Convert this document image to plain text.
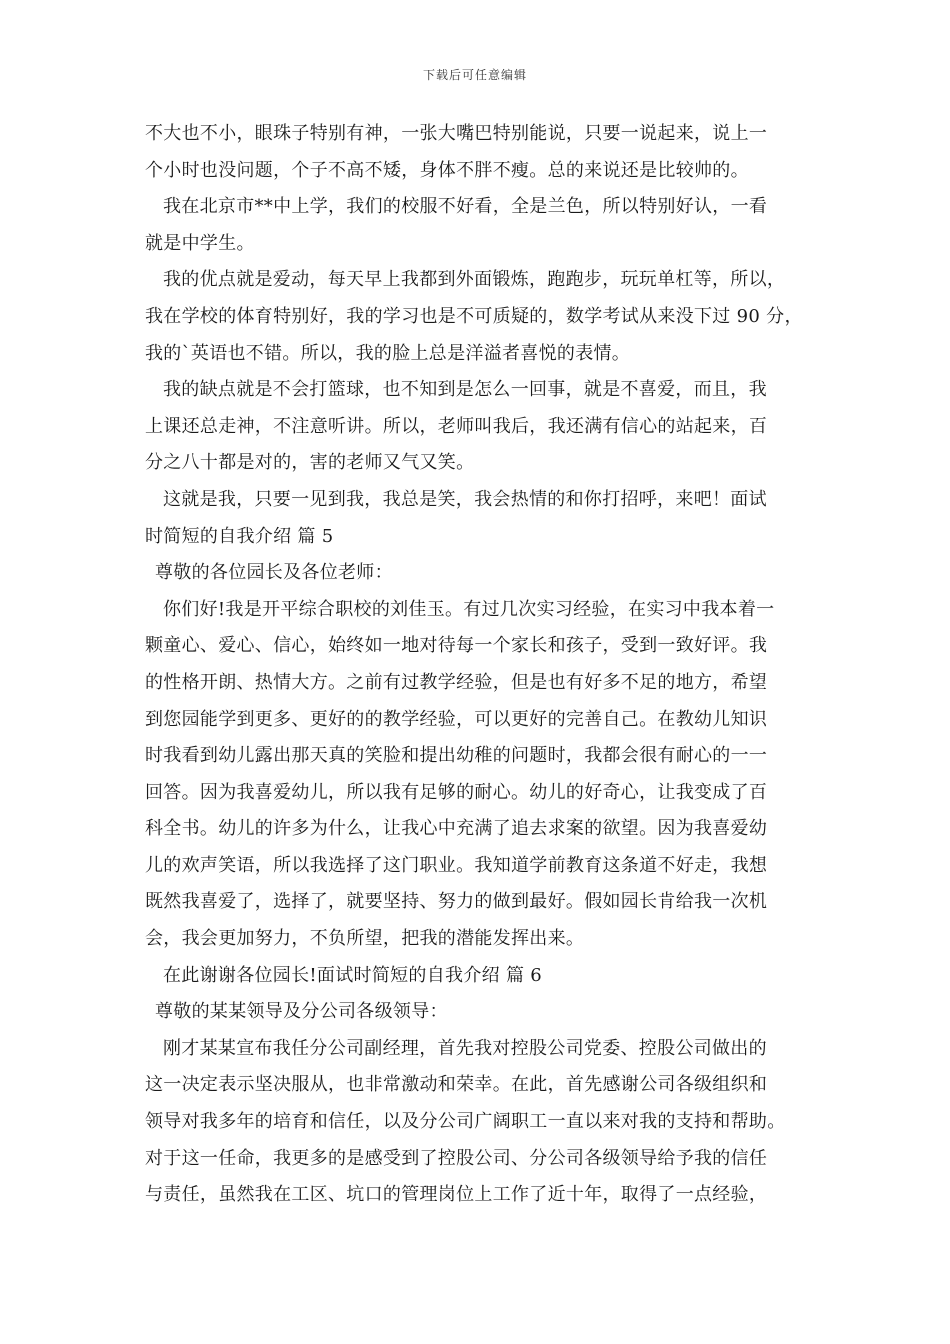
下载后可任意编辑
不大也不小，眼珠子特别有神，一张大嘴巴特别能说，只要一说起来，说上一
个小时也没问题，个子不高不矮，身体不胖不瘦。总的来说还是比较帅的。
我在北京市**中上学，我们的校服不好看，全是兰色，所以特别好认，一看
就是中学生。
我的优点就是爱动，每天早上我都到外面锻炼，跑跑步，玩玩单杠等，所以，
我在学校的体育特别好，我的学习也是不可质疑的，数学考试从来没下过 90 分，
我的`英语也不错。所以，我的脸上总是洋溢者喜悦的表情。
我的缺点就是不会打篮球，也不知到是怎么一回事，就是不喜爱，而且，我
上课还总走神，不注意听讲。所以，老师叫我后，我还满有信心的站起来，百
分之八十都是对的，害的老师又气又笑。
这就是我，只要一见到我，我总是笑，我会热情的和你打招呼，来吧！面试
时简短的自我介绍 篇 5
尊敬的各位园长及各位老师：
你们好!我是开平综合职校的刘佳玉。有过几次实习经验，在实习中我本着一
颗童心、爱心、信心，始终如一地对待每一个家长和孩子，受到一致好评。我
的性格开朗、热情大方。之前有过教学经验，但是也有好多不足的地方，希望
到您园能学到更多、更好的的教学经验，可以更好的完善自己。在教幼儿知识
时我看到幼儿露出那天真的笑脸和提出幼稚的问题时，我都会很有耐心的一一
回答。因为我喜爱幼儿，所以我有足够的耐心。幼儿的好奇心，让我变成了百
科全书。幼儿的许多为什么，让我心中充满了追去求案的欲望。因为我喜爱幼
儿的欢声笑语，所以我选择了这门职业。我知道学前教育这条道不好走，我想
既然我喜爱了，选择了，就要坚持、努力的做到最好。假如园长肯给我一次机
会，我会更加努力，不负所望，把我的潜能发挥出来。
在此谢谢各位园长!面试时简短的自我介绍 篇 6
尊敬的某某领导及分公司各级领导：
刚才某某宣布我任分公司副经理，首先我对控股公司党委、控股公司做出的
这一决定表示坚决服从，也非常激动和荣幸。在此，首先感谢公司各级组织和
领导对我多年的培育和信任，以及分公司广阔职工一直以来对我的支持和帮助。
对于这一任命，我更多的是感受到了控股公司、分公司各级领导给予我的信任
与责任，虽然我在工区、坑口的管理岗位上工作了近十年，取得了一点经验，
